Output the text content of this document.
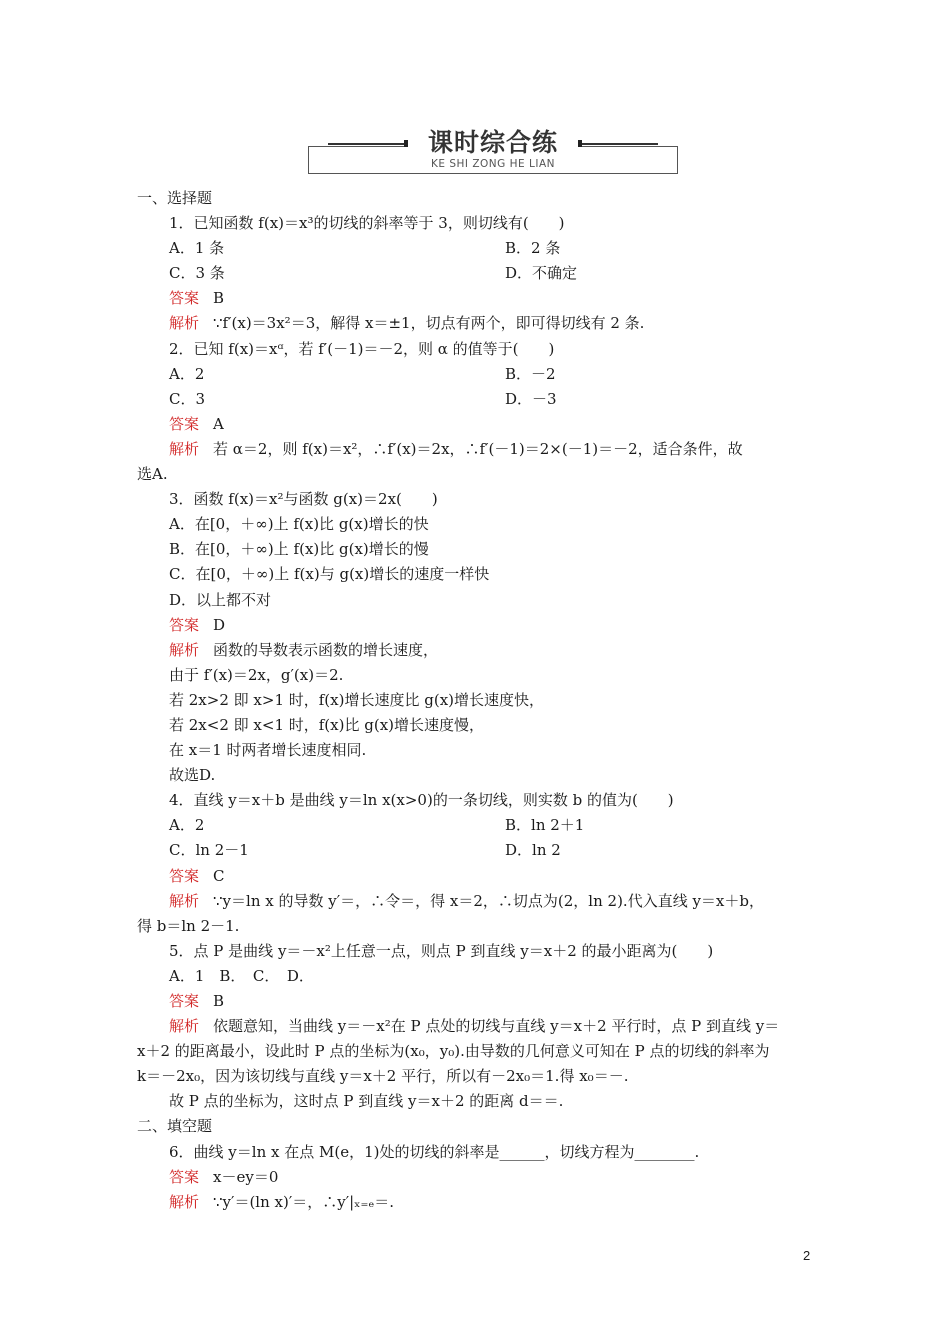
课时综合练
KE SHI ZONG HE LIAN
一、选择题
1．已知函数 f(x)＝x³的切线的斜率等于 3，则切线有(　　)
A．1 条	B．2 条
C．3 条	D．不确定
答案 B
解析 ∵f′(x)＝3x²＝3，解得 x＝±1，切点有两个，即可得切线有 2 条.
2．已知 f(x)＝xᵅ，若 f′(－1)＝－2，则 α 的值等于(　　)
A．2	B．－2
C．3	D．－3
答案 A
解析 若 α＝2，则 f(x)＝x²，∴f′(x)＝2x，∴f′(－1)＝2×(－1)＝－2，适合条件，故
选A.
3．函数 f(x)＝x²与函数 g(x)＝2x(　　)
A．在[0，＋∞)上 f(x)比 g(x)增长的快
B．在[0，＋∞)上 f(x)比 g(x)增长的慢
C．在[0，＋∞)上 f(x)与 g(x)增长的速度一样快
D．以上都不对
答案 D
解析 函数的导数表示函数的增长速度，
由于 f′(x)＝2x，g′(x)＝2.
若 2x>2 即 x>1 时，f(x)增长速度比 g(x)增长速度快，
若 2x<2 即 x<1 时，f(x)比 g(x)增长速度慢，
在 x＝1 时两者增长速度相同.
故选D.
4．直线 y＝x＋b 是曲线 y＝ln x(x>0)的一条切线，则实数 b 的值为(　　)
A．2	B．ln 2＋1
C．ln 2－1	D．ln 2
答案 C
解析 ∵y＝ln x 的导数 y′＝，∴令＝，得 x＝2，∴切点为(2，ln 2).代入直线 y＝x＋b，
得 b＝ln 2－1.
5．点 P 是曲线 y＝－x²上任意一点，则点 P 到直线 y＝x＋2 的最小距离为(　　)
A．1　B．　C．　D．
答案 B
解析 依题意知，当曲线 y＝－x²在 P 点处的切线与直线 y＝x＋2 平行时，点 P 到直线 y＝
x＋2 的距离最小，设此时 P 点的坐标为(x₀，y₀).由导数的几何意义可知在 P 点的切线的斜率为
k＝－2x₀，因为该切线与直线 y＝x＋2 平行，所以有－2x₀＝1.得 x₀＝－.
故 P 点的坐标为，这时点 P 到直线 y＝x＋2 的距离 d＝＝.
二、填空题
6．曲线 y＝ln x 在点 M(e，1)处的切线的斜率是______，切线方程为________.
答案 x－ey＝0
解析 ∵y′＝(ln x)′＝，∴y′|ₓ₌ₑ＝.
2
